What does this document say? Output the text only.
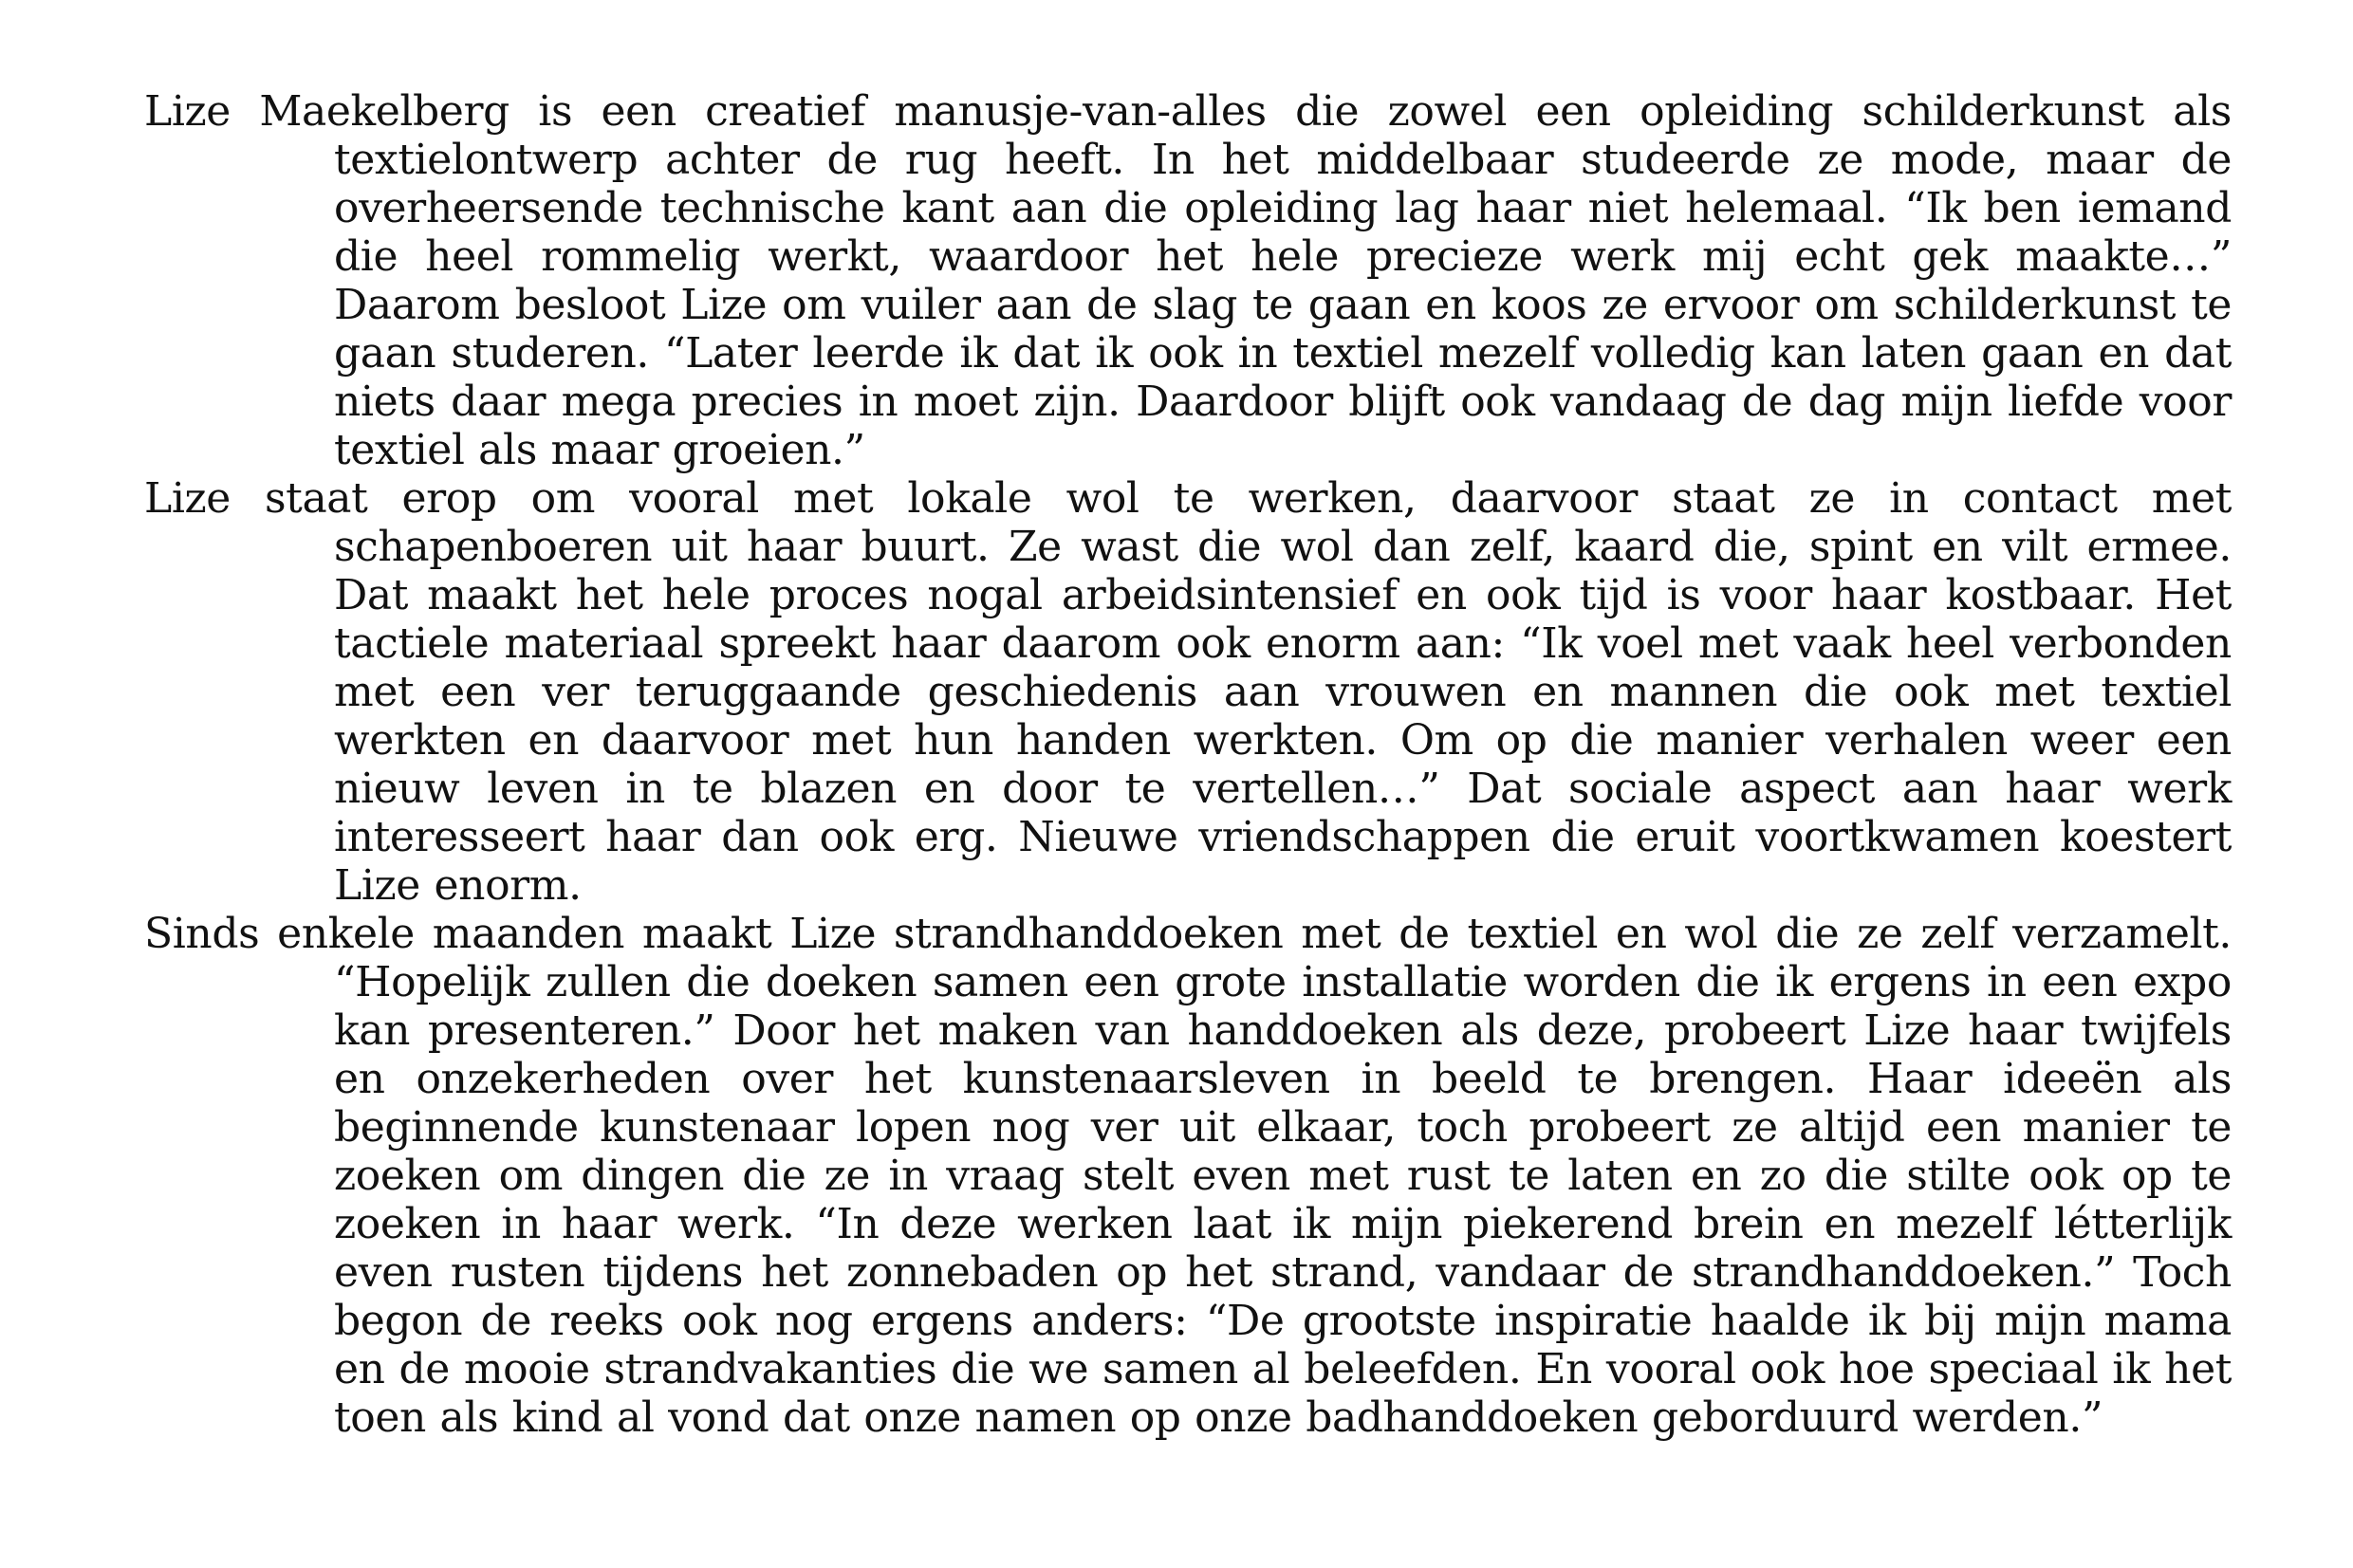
Lize Maekelberg is een creatief manusje-van-alles die zowel een opleiding schilderkunst als textielontwerp achter de rug heeft. In het middelbaar studeerde ze mode, maar de overheersende technische kant aan die opleiding lag haar niet helemaal. “Ik ben iemand die heel rommelig werkt, waardoor het hele precieze werk mij echt gek maakte…” Daarom besloot Lize om vuiler aan de slag te gaan en koos ze ervoor om schilderkunst te gaan studeren. “Later leerde ik dat ik ook in textiel mezelf volledig kan laten gaan en dat niets daar mega precies in moet zijn. Daardoor blijft ook vandaag de dag mijn liefde voor textiel als maar groeien.”

Lize staat erop om vooral met lokale wol te werken, daarvoor staat ze in contact met schapenboeren uit haar buurt. Ze wast die wol dan zelf, kaard die, spint en vilt ermee. Dat maakt het hele proces nogal arbeidsintensief en ook tijd is voor haar kostbaar. Het tactiele materiaal spreekt haar daarom ook enorm aan: “Ik voel met vaak heel verbonden met een ver teruggaande geschiedenis aan vrouwen en mannen die ook met textiel werkten en daarvoor met hun handen werkten. Om op die manier verhalen weer een nieuw leven in te blazen en door te vertellen…” Dat sociale aspect aan haar werk interesseert haar dan ook erg. Nieuwe vriendschappen die eruit voortkwamen koestert Lize enorm.

Sinds enkele maanden maakt Lize strandhanddoeken met de textiel en wol die ze zelf verzamelt. “Hopelijk zullen die doeken samen een grote installatie worden die ik ergens in een expo kan presenteren.” Door het maken van handdoeken als deze, probeert Lize haar twijfels en onzekerheden over het kunstenaarsleven in beeld te brengen. Haar ideeën als beginnende kunstenaar lopen nog ver uit elkaar, toch probeert ze altijd een manier te zoeken om dingen die ze in vraag stelt even met rust te laten en zo die stilte ook op te zoeken in haar werk. “In deze werken laat ik mijn piekerend brein en mezelf létterlijk even rusten tijdens het zonnebaden op het strand, vandaar de strandhanddoeken.” Toch begon de reeks ook nog ergens anders: “De grootste inspiratie haalde ik bij mijn mama en de mooie strandvakanties die we samen al beleefden. En vooral ook hoe speciaal ik het toen als kind al vond dat onze namen op onze badhanddoeken geborduurd werden.”
